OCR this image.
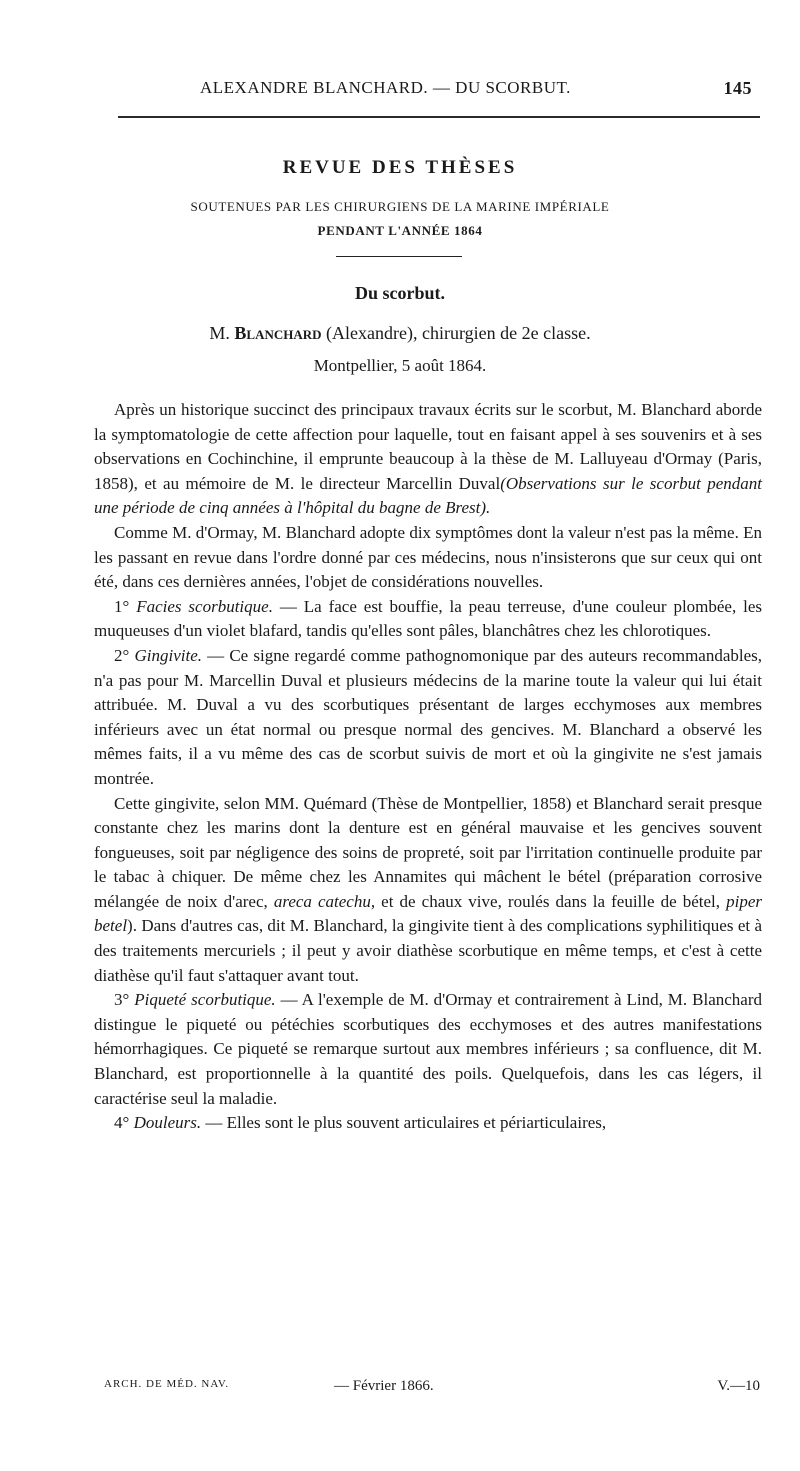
ALEXANDRE BLANCHARD. — DU SCORBUT.	145
REVUE DES THÈSES
SOUTENUES PAR LES CHIRURGIENS DE LA MARINE IMPÉRIALE
PENDANT L'ANNÉE 1864
Du scorbut.
M. Blanchard (Alexandre), chirurgien de 2e classe.
Montpellier, 5 août 1864.

Après un historique succinct des principaux travaux écrits sur le scorbut, M. Blanchard aborde la symptomatologie de cette affection pour laquelle, tout en faisant appel à ses souvenirs et à ses observations en Cochinchine, il emprunte beaucoup à la thèse de M. Lalluyeau d'Ormay (Paris, 1858), et au mémoire de M. le directeur Marcellin Duval(Observations sur le scorbut pendant une période de cinq années à l'hôpital du bagne de Brest).

Comme M. d'Ormay, M. Blanchard adopte dix symptômes dont la valeur n'est pas la même. En les passant en revue dans l'ordre donné par ces médecins, nous n'insisterons que sur ceux qui ont été, dans ces dernières années, l'objet de considérations nouvelles.

1° Facies scorbutique. — La face est bouffie, la peau terreuse, d'une couleur plombée, les muqueuses d'un violet blafard, tandis qu'elles sont pâles, blanchâtres chez les chlorotiques.

2° Gingivite. — Ce signe regardé comme pathognomonique par des auteurs recommandables, n'a pas pour M. Marcellin Duval et plusieurs médecins de la marine toute la valeur qui lui était attribuée. M. Duval a vu des scorbutiques présentant de larges ecchymoses aux membres inférieurs avec un état normal ou presque normal des gencives. M. Blanchard a observé les mêmes faits, il a vu même des cas de scorbut suivis de mort et où la gingivite ne s'est jamais montrée.

Cette gingivite, selon MM. Quémard (Thèse de Montpellier, 1858) et Blanchard serait presque constante chez les marins dont la denture est en général mauvaise et les gencives souvent fongueuses, soit par négligence des soins de propreté, soit par l'irritation continuelle produite par le tabac à chiquer. De même chez les Annamites qui mâchent le bétel (préparation corrosive mélangée de noix d'arec, areca catechu, et de chaux vive, roulés dans la feuille de bétel, piper betel). Dans d'autres cas, dit M. Blanchard, la gingivite tient à des complications syphilitiques et à des traitements mercuriels ; il peut y avoir diathèse scorbutique en même temps, et c'est à cette diathèse qu'il faut s'attaquer avant tout.

3° Piqueté scorbutique. — A l'exemple de M. d'Ormay et contrairement à Lind, M. Blanchard distingue le piqueté ou pétéchies scorbutiques des ecchymoses et des autres manifestations hémorrhagiques. Ce piqueté se remarque surtout aux membres inférieurs ; sa confluence, dit M. Blanchard, est proportionnelle à la quantité des poils. Quelquefois, dans les cas légers, il caractérise seul la maladie.

4° Douleurs. — Elles sont le plus souvent articulaires et périarticulaires,

ARCH. DE MÉD. NAV.	— Février 1866.	V.—10
